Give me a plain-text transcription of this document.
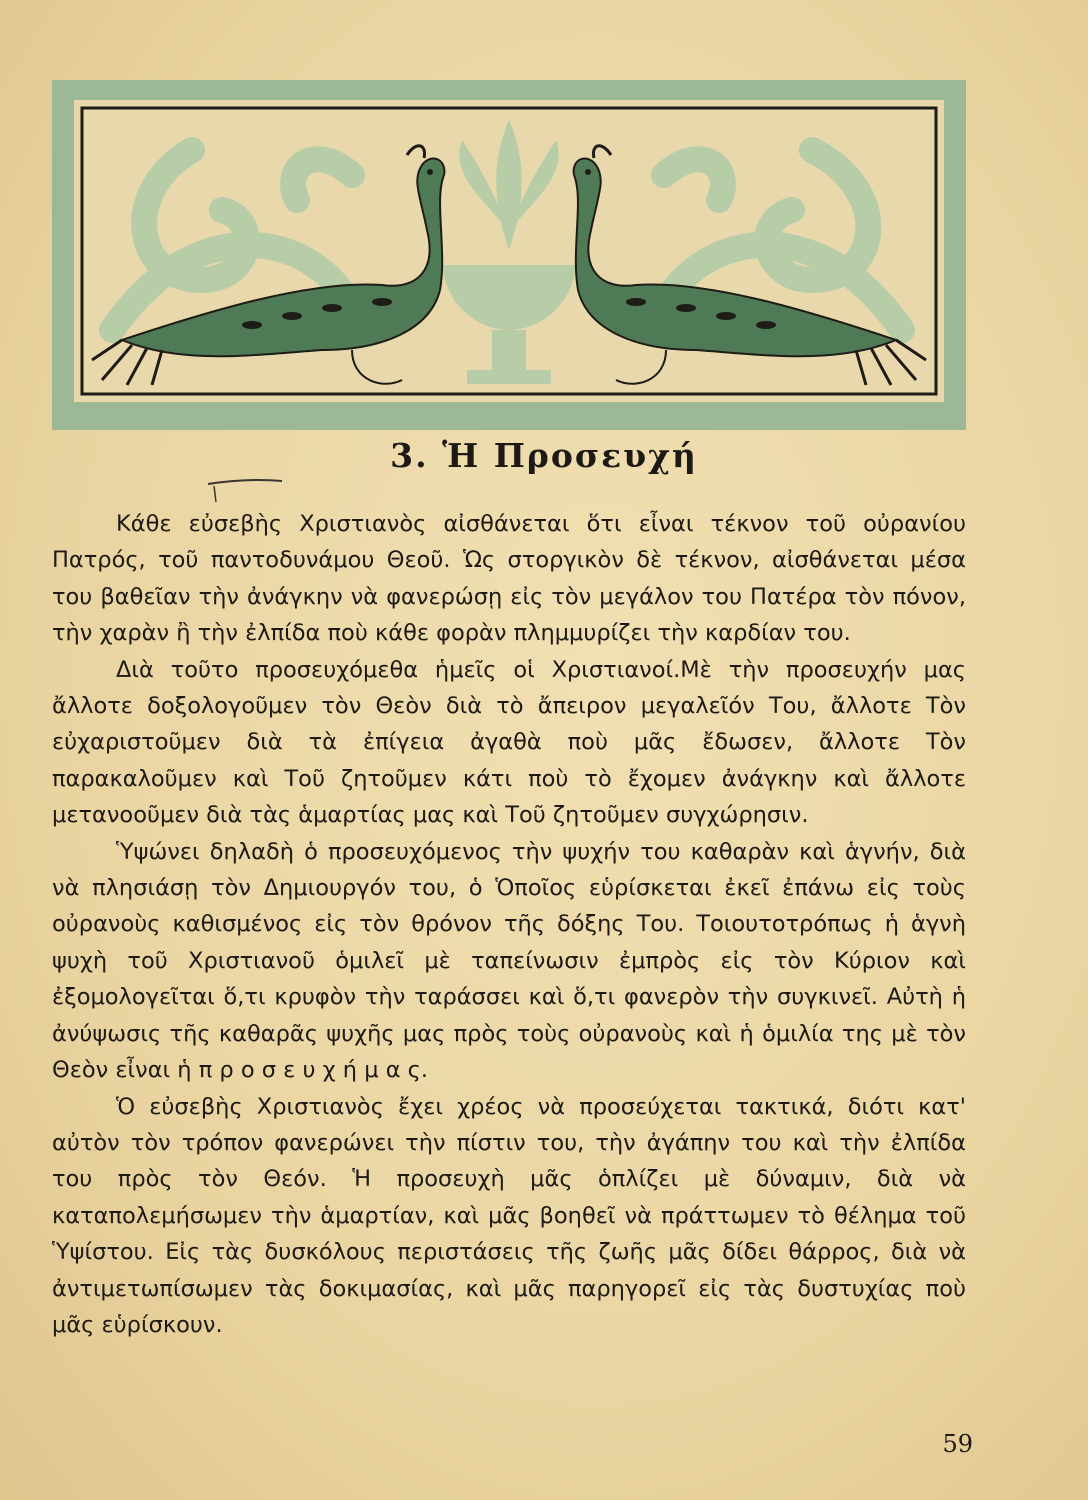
3. Ἡ Προσευχή

Κάθε εὐσεβὴς Χριστιανὸς αἰσθάνεται ὅτι εἶναι τέκνον τοῦ οὐρανίου Πατρός, τοῦ παντοδυνάμου Θεοῦ. Ὡς στοργικὸν δὲ τέκνον, αἰσθάνεται μέσα του βαθεῖαν τὴν ἀνάγκην νὰ φανερώσῃ εἰς τὸν μεγάλον του Πατέρα τὸν πόνον, τὴν χαρὰν ἢ τὴν ἐλπίδα ποὺ κάθε φορὰν πλημμυρίζει τὴν καρδίαν του.

Διὰ τοῦτο προσευχόμεθα ἡμεῖς οἱ Χριστιανοί.Μὲ τὴν προσευχήν μας ἄλλοτε δοξολογοῦμεν τὸν Θεὸν διὰ τὸ ἄπειρον μεγαλεῖόν Του, ἄλλοτε Τὸν εὐχαριστοῦμεν διὰ τὰ ἐπίγεια ἀγαθὰ ποὺ μᾶς ἔδωσεν, ἄλλοτε Τὸν παρακαλοῦμεν καὶ Τοῦ ζητοῦμεν κάτι ποὺ τὸ ἔχομεν ἀνάγκην καὶ ἄλλοτε μετανοοῦμεν διὰ τὰς ἁμαρτίας μας καὶ Τοῦ ζητοῦμεν συγχώρησιν.

Ὑψώνει δηλαδὴ ὁ προσευχόμενος τὴν ψυχήν του καθαρὰν καὶ ἁγνήν, διὰ νὰ πλησιάσῃ τὸν Δημιουργόν του, ὁ Ὁποῖος εὑρίσκεται ἐκεῖ ἐπάνω εἰς τοὺς οὐρανοὺς καθισμένος εἰς τὸν θρόνον τῆς δόξης Του. Τοιουτοτρόπως ἡ ἁγνὴ ψυχὴ τοῦ Χριστιανοῦ ὁμιλεῖ μὲ ταπείνωσιν ἐμπρὸς εἰς τὸν Κύριον καὶ ἐξομολογεῖται ὅ,τι κρυφὸν τὴν ταράσσει καὶ ὅ,τι φανερὸν τὴν συγκινεῖ. Αὐτὴ ἡ ἀνύψωσις τῆς καθαρᾶς ψυχῆς μας πρὸς τοὺς οὐρανοὺς καὶ ἡ ὁμιλία της μὲ τὸν Θεὸν εἶναι ἡ π ρ ο σ ε υ χ ή μ α ς.

Ὁ εὐσεβὴς Χριστιανὸς ἔχει χρέος νὰ προσεύχεται τακτικά, διότι κατ' αὐτὸν τὸν τρόπον φανερώνει τὴν πίστιν του, τὴν ἀγάπην του καὶ τὴν ἐλπίδα του πρὸς τὸν Θεόν. Ἡ προσευχὴ μᾶς ὁπλίζει μὲ δύναμιν, διὰ νὰ καταπολεμήσωμεν τὴν ἁμαρτίαν, καὶ μᾶς βοηθεῖ νὰ πράττωμεν τὸ θέλημα τοῦ Ὑψίστου. Εἰς τὰς δυσκόλους περιστάσεις τῆς ζωῆς μᾶς δίδει θάρρος, διὰ νὰ ἀντιμετωπίσωμεν τὰς δοκιμασίας, καὶ μᾶς παρηγορεῖ εἰς τὰς δυστυχίας ποὺ μᾶς εὑρίσκουν.

59
